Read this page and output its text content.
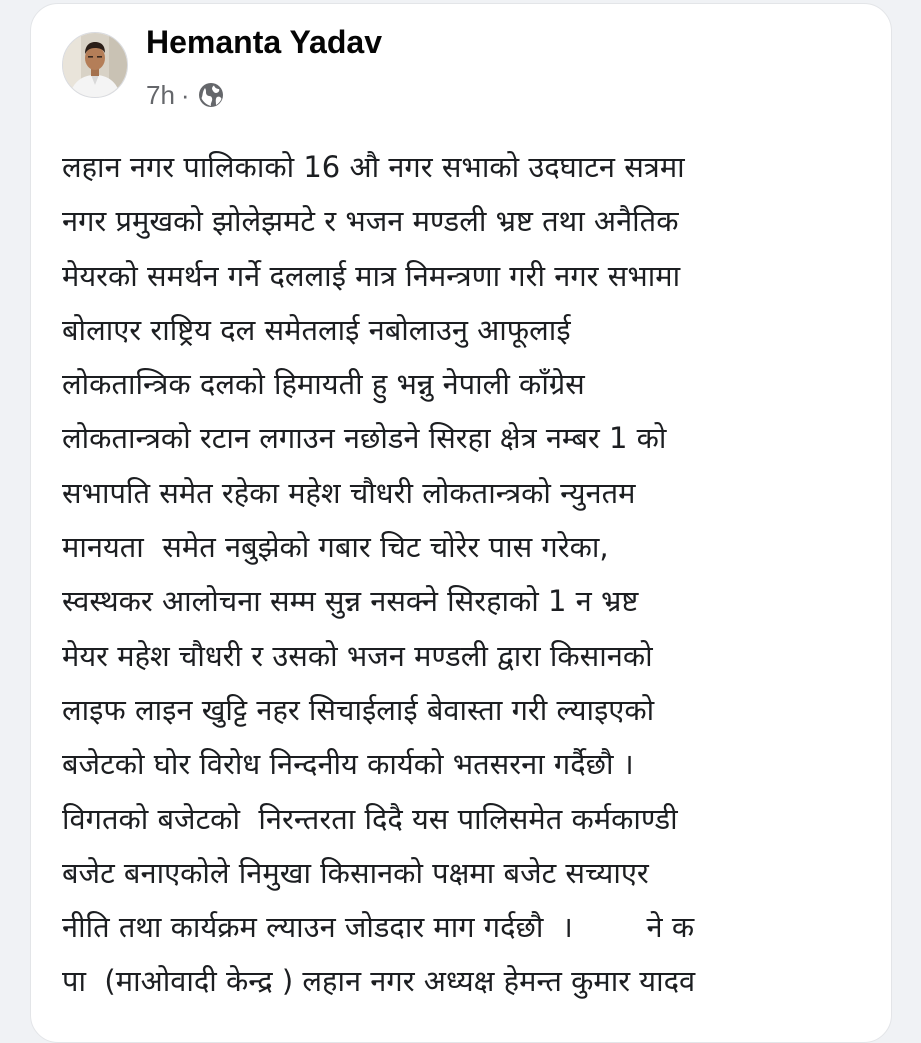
Hemanta Yadav
7h ·
लहान नगर पालिकाको 16 औ नगर सभाको उदघाटन सत्रमा
नगर प्रमुखको झोलेझमटे र भजन मण्डली भ्रष्ट तथा अनैतिक
मेयरको समर्थन गर्ने दललाई मात्र निमन्त्रणा गरी नगर सभामा
बोलाएर राष्ट्रिय दल समेतलाई नबोलाउनु आफूलाई
लोकतान्त्रिक दलको हिमायती हु भन्नु नेपाली काँग्रेस
लोकतान्त्रको रटान लगाउन नछोडने सिरहा क्षेत्र नम्बर 1 को
सभापति समेत रहेका महेश चौधरी लोकतान्त्रको न्युनतम
मानयता  समेत नबुझेको गबार चिट चोरेर पास गरेका,
स्वस्थकर आलोचना सम्म सुन्न नसक्ने सिरहाको 1 न भ्रष्ट
मेयर महेश चौधरी र उसको भजन मण्डली द्वारा किसानको
लाइफ लाइन खुट्टि नहर सिचाईलाई बेवास्ता गरी ल्याइएको
बजेटको घोर विरोध निन्दनीय कार्यको भतसरना गर्दैछौ ।
विगतको बजेटको  निरन्तरता दिदै यस पालिसमेत कर्मकाण्डी
बजेट बनाएकोले निमुखा किसानको पक्षमा बजेट सच्याएर
नीति तथा कार्यक्रम ल्याउन जोडदार माग गर्दछौ  ।        ने क
पा  (माओवादी केन्द्र ) लहान नगर अध्यक्ष हेमन्त कुमार यादव
